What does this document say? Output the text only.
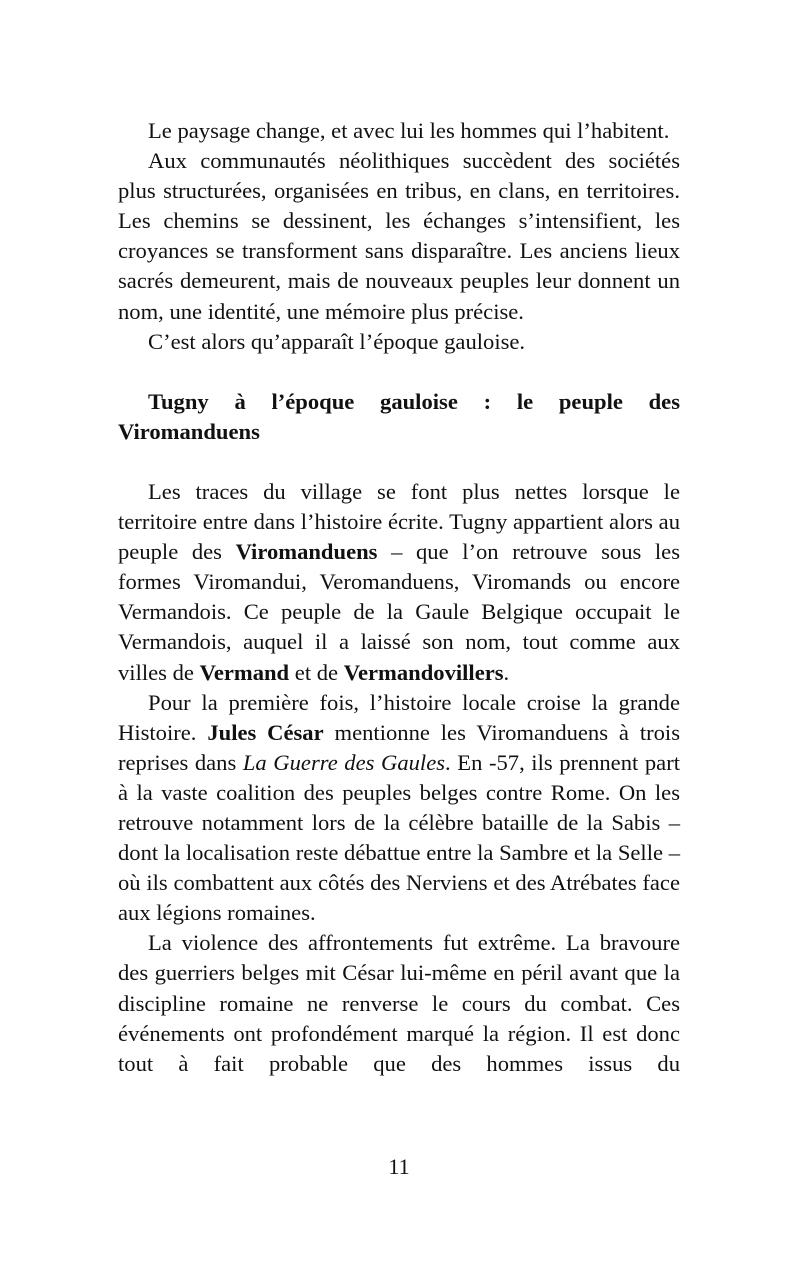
Le paysage change, et avec lui les hommes qui l’habitent.

Aux communautés néolithiques succèdent des sociétés plus structurées, organisées en tribus, en clans, en territoires. Les chemins se dessinent, les échanges s’intensifient, les croyances se transforment sans disparaître. Les anciens lieux sacrés demeurent, mais de nouveaux peuples leur donnent un nom, une identité, une mémoire plus précise.

C’est alors qu’apparaît l’époque gauloise.

Tugny à l’époque gauloise : le peuple des
Viromanduens

Les traces du village se font plus nettes lorsque le territoire entre dans l’histoire écrite. Tugny appartient alors au peuple des Viromanduens – que l’on retrouve sous les formes Viromandui, Veromanduens, Viromands ou encore Vermandois. Ce peuple de la Gaule Belgique occupait le Vermandois, auquel il a laissé son nom, tout comme aux villes de Vermand et de Vermandovillers.

Pour la première fois, l’histoire locale croise la grande Histoire. Jules César mentionne les Viromanduens à trois reprises dans La Guerre des Gaules. En -57, ils prennent part à la vaste coalition des peuples belges contre Rome. On les retrouve notamment lors de la célèbre bataille de la Sabis – dont la localisation reste débattue entre la Sambre et la Selle – où ils combattent aux côtés des Nerviens et des Atrébates face aux légions romaines.

La violence des affrontements fut extrême. La bravoure des guerriers belges mit César lui-même en péril avant que la discipline romaine ne renverse le cours du combat. Ces événements ont profondément marqué la région. Il est donc tout à fait probable que des hommes issus du

11
